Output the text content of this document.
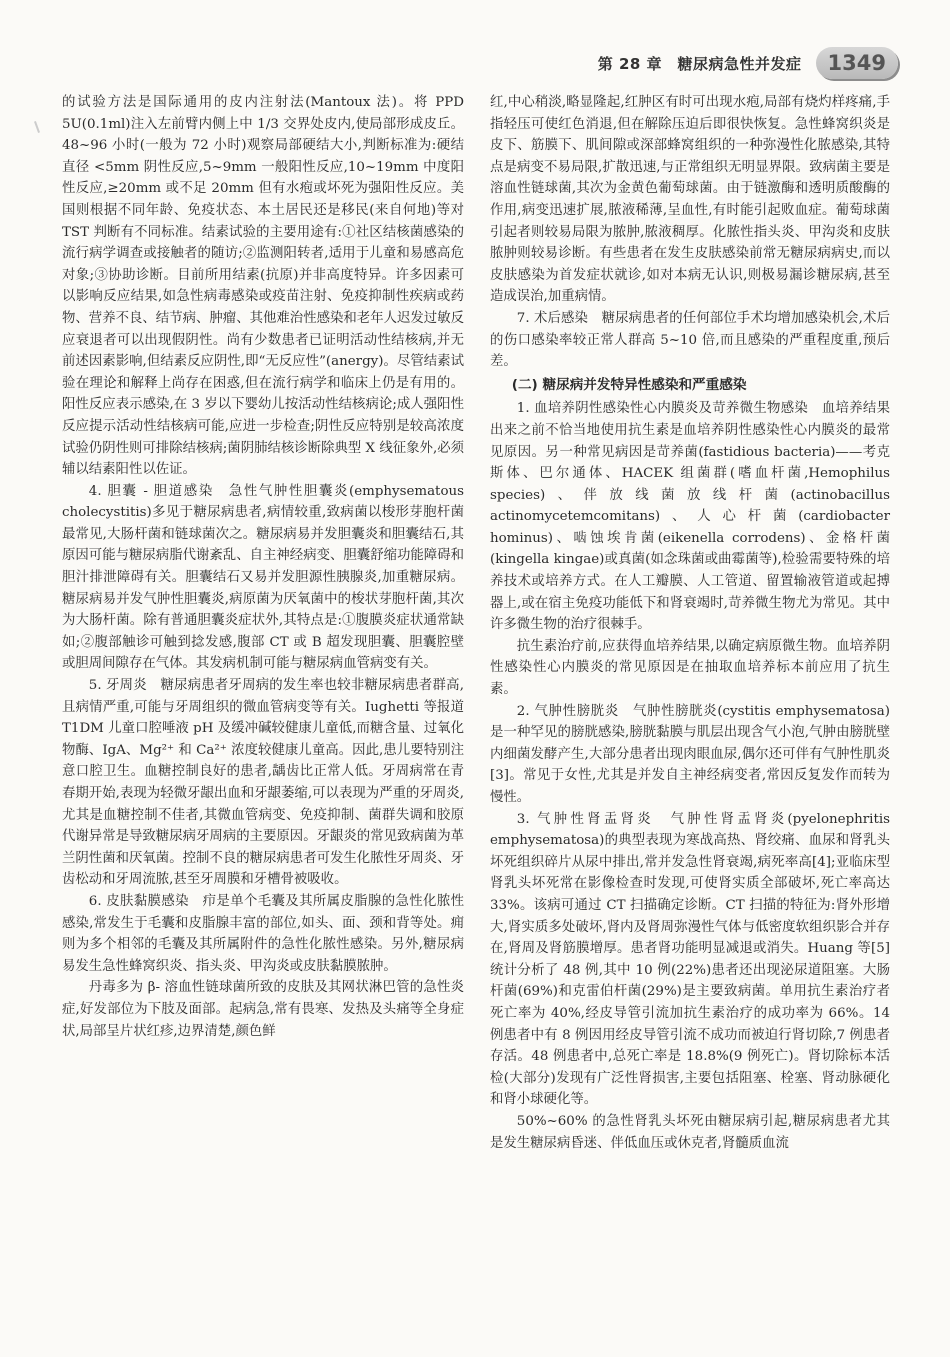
第 28 章　糖尿病急性并发症	1349

的试验方法是国际通用的皮内注射法(Mantoux 法)。将 PPD 5U(0.1ml)注入左前臂内侧上中 1/3 交界处皮内,使局部形成皮丘。48~96 小时(一般为 72 小时)观察局部硬结大小,判断标准为:硬结直径 <5mm 阴性反应,5~9mm 一般阳性反应,10~19mm 中度阳性反应,≥20mm 或不足 20mm 但有水疱或坏死为强阳性反应。美国则根据不同年龄、免疫状态、本土居民还是移民(来自何地)等对 TST 判断有不同标准。结素试验的主要用途有:①社区结核菌感染的流行病学调查或接触者的随访;②监测阳转者,适用于儿童和易感高危对象;③协助诊断。目前所用结素(抗原)并非高度特异。许多因素可以影响反应结果,如急性病毒感染或疫苗注射、免疫抑制性疾病或药物、营养不良、结节病、肿瘤、其他难治性感染和老年人迟发过敏反应衰退者可以出现假阴性。尚有少数患者已证明活动性结核病,并无前述因素影响,但结素反应阴性,即“无反应性”(anergy)。尽管结素试验在理论和解释上尚存在困惑,但在流行病学和临床上仍是有用的。阳性反应表示感染,在 3 岁以下婴幼儿按活动性结核病论;成人强阳性反应提示活动性结核病可能,应进一步检查;阴性反应特别是较高浓度试验仍阴性则可排除结核病;菌阴肺结核诊断除典型 X 线征象外,必须辅以结素阳性以佐证。

4. 胆囊 - 胆道感染　急性气肿性胆囊炎(emphysematous cholecystitis)多见于糖尿病患者,病情较重,致病菌以梭形芽胞杆菌最常见,大肠杆菌和链球菌次之。糖尿病易并发胆囊炎和胆囊结石,其原因可能与糖尿病脂代谢紊乱、自主神经病变、胆囊舒缩功能障碍和胆汁排泄障碍有关。胆囊结石又易并发胆源性胰腺炎,加重糖尿病。糖尿病易并发气肿性胆囊炎,病原菌为厌氧菌中的梭状芽胞杆菌,其次为大肠杆菌。除有普通胆囊炎症状外,其特点是:①腹膜炎症状通常缺如;②腹部触诊可触到捻发感,腹部 CT 或 B 超发现胆囊、胆囊腔壁或胆周间隙存在气体。其发病机制可能与糖尿病血管病变有关。

5. 牙周炎　糖尿病患者牙周病的发生率也较非糖尿病患者群高,且病情严重,可能与牙周组织的微血管病变等有关。Iughetti 等报道 T1DM 儿童口腔唾液 pH 及缓冲碱较健康儿童低,而糖含量、过氧化物酶、IgA、Mg²⁺ 和 Ca²⁺ 浓度较健康儿童高。因此,患儿要特别注意口腔卫生。血糖控制良好的患者,龋齿比正常人低。牙周病常在青春期开始,表现为轻微牙龈出血和牙龈萎缩,可以表现为严重的牙周炎,尤其是血糖控制不佳者,其微血管病变、免疫抑制、菌群失调和胶原代谢异常是导致糖尿病牙周病的主要原因。牙龈炎的常见致病菌为革兰阴性菌和厌氧菌。控制不良的糖尿病患者可发生化脓性牙周炎、牙齿松动和牙周流脓,甚至牙周膜和牙槽骨被吸收。

6. 皮肤黏膜感染　疖是单个毛囊及其所属皮脂腺的急性化脓性感染,常发生于毛囊和皮脂腺丰富的部位,如头、面、颈和背等处。痈则为多个相邻的毛囊及其所属附件的急性化脓性感染。另外,糖尿病易发生急性蜂窝织炎、指头炎、甲沟炎或皮肤黏膜脓肿。

丹毒多为 β- 溶血性链球菌所致的皮肤及其网状淋巴管的急性炎症,好发部位为下肢及面部。起病急,常有畏寒、发热及头痛等全身症状,局部呈片状红疹,边界清楚,颜色鲜

红,中心稍淡,略显隆起,红肿区有时可出现水疱,局部有烧灼样疼痛,手指轻压可使红色消退,但在解除压迫后即很快恢复。急性蜂窝织炎是皮下、筋膜下、肌间隙或深部蜂窝组织的一种弥漫性化脓感染,其特点是病变不易局限,扩散迅速,与正常组织无明显界限。致病菌主要是溶血性链球菌,其次为金黄色葡萄球菌。由于链激酶和透明质酸酶的作用,病变迅速扩展,脓液稀薄,呈血性,有时能引起败血症。葡萄球菌引起者则较易局限为脓肿,脓液稠厚。化脓性指头炎、甲沟炎和皮肤脓肿则较易诊断。有些患者在发生皮肤感染前常无糖尿病病史,而以皮肤感染为首发症状就诊,如对本病无认识,则极易漏诊糖尿病,甚至造成误治,加重病情。

7. 术后感染　糖尿病患者的任何部位手术均增加感染机会,术后的伤口感染率较正常人群高 5~10 倍,而且感染的严重程度重,预后差。

(二) 糖尿病并发特异性感染和严重感染

1. 血培养阴性感染性心内膜炎及苛养微生物感染　血培养结果出来之前不恰当地使用抗生素是血培养阴性感染性心内膜炎的最常见原因。另一种常见病因是苛养菌(fastidious bacteria)——考克斯体、巴尔通体、HACEK 组菌群(嗜血杆菌,Hemophilus species)、伴放线菌放线杆菌(actinobacillus actinomycetemcomitans)、人心杆菌(cardiobacter hominus)、啮蚀埃肯菌(eikenella corrodens)、金格杆菌(kingella kingae)或真菌(如念珠菌或曲霉菌等),检验需要特殊的培养技术或培养方式。在人工瓣膜、人工管道、留置输液管道或起搏器上,或在宿主免疫功能低下和肾衰竭时,苛养微生物尤为常见。其中许多微生物的治疗很棘手。

抗生素治疗前,应获得血培养结果,以确定病原微生物。血培养阴性感染性心内膜炎的常见原因是在抽取血培养标本前应用了抗生素。

2. 气肿性膀胱炎　气肿性膀胱炎(cystitis emphysematosa)是一种罕见的膀胱感染,膀胱黏膜与肌层出现含气小泡,气肿由膀胱壁内细菌发酵产生,大部分患者出现肉眼血尿,偶尔还可伴有气肿性肌炎[3]。常见于女性,尤其是并发自主神经病变者,常因反复发作而转为慢性。

3. 气肿性肾盂肾炎　气肿性肾盂肾炎(pyelonephritis emphysematosa)的典型表现为寒战高热、肾绞痛、血尿和肾乳头坏死组织碎片从尿中排出,常并发急性肾衰竭,病死率高[4];亚临床型肾乳头坏死常在影像检查时发现,可使肾实质全部破坏,死亡率高达 33%。该病可通过 CT 扫描确定诊断。CT 扫描的特征为:肾外形增大,肾实质多处破坏,肾内及肾周弥漫性气体与低密度软组织影合并存在,肾周及肾筋膜增厚。患者肾功能明显减退或消失。Huang 等[5]统计分析了 48 例,其中 10 例(22%)患者还出现泌尿道阻塞。大肠杆菌(69%)和克雷伯杆菌(29%)是主要致病菌。单用抗生素治疗者死亡率为 40%,经皮导管引流加抗生素治疗的成功率为 66%。14 例患者中有 8 例因用经皮导管引流不成功而被迫行肾切除,7 例患者存活。48 例患者中,总死亡率是 18.8%(9 例死亡)。肾切除标本活检(大部分)发现有广泛性肾损害,主要包括阻塞、栓塞、肾动脉硬化和肾小球硬化等。

50%~60% 的急性肾乳头坏死由糖尿病引起,糖尿病患者尤其是发生糖尿病昏迷、伴低血压或休克者,肾髓质血流
